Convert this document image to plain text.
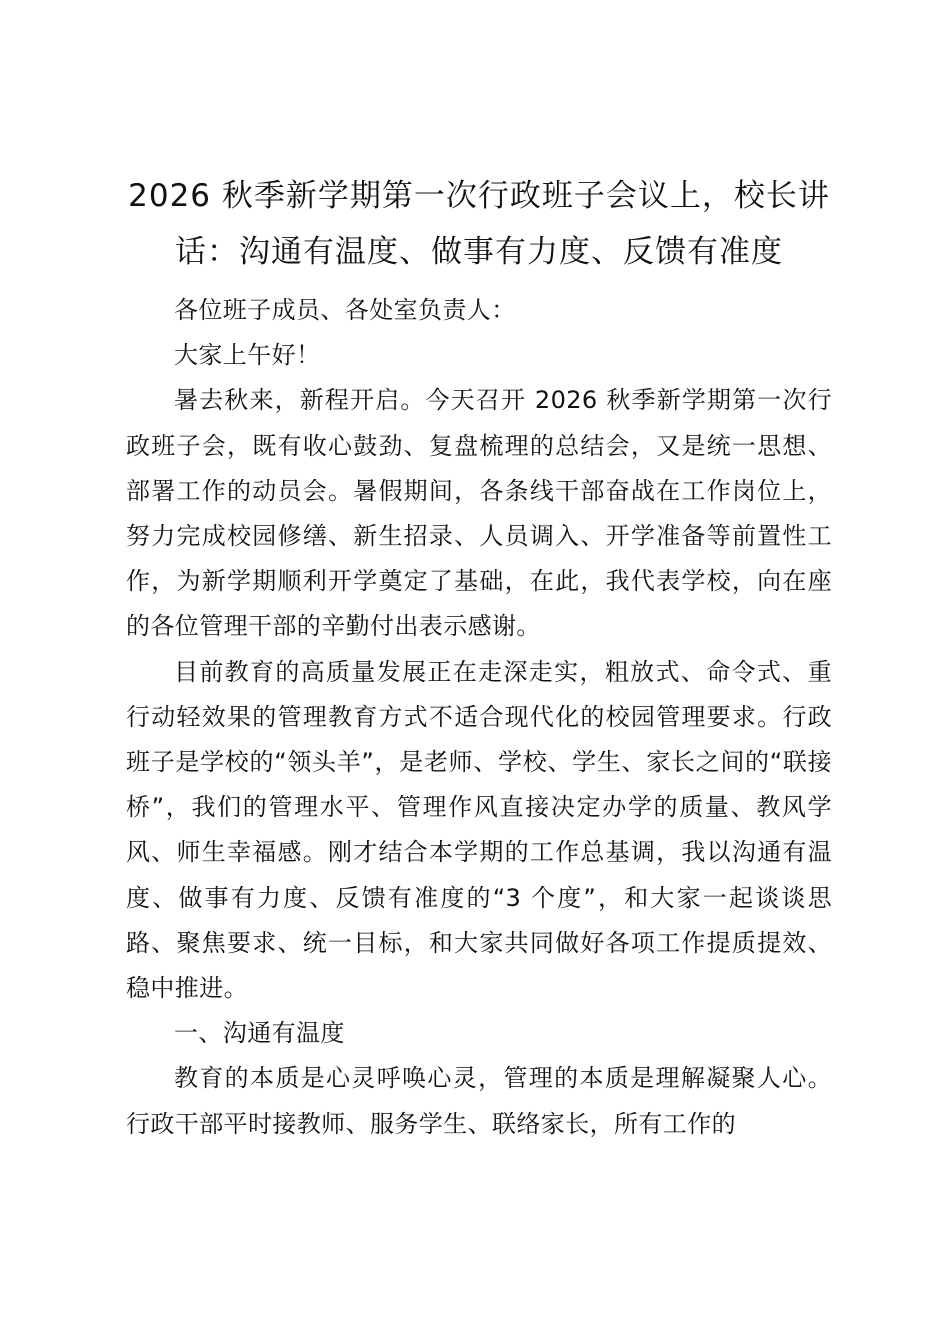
2026 秋季新学期第一次行政班子会议上，校长讲话：沟通有温度、做事有力度、反馈有准度

各位班子成员、各处室负责人：

大家上午好！

暑去秋来，新程开启。今天召开 2026 秋季新学期第一次行政班子会，既有收心鼓劲、复盘梳理的总结会，又是统一思想、部署工作的动员会。暑假期间，各条线干部奋战在工作岗位上，努力完成校园修缮、新生招录、人员调入、开学准备等前置性工作，为新学期顺利开学奠定了基础，在此，我代表学校，向在座的各位管理干部的辛勤付出表示感谢。

目前教育的高质量发展正在走深走实，粗放式、命令式、重行动轻效果的管理教育方式不适合现代化的校园管理要求。行政班子是学校的“领头羊”，是老师、学校、学生、家长之间的“联接桥”，我们的管理水平、管理作风直接决定办学的质量、教风学风、师生幸福感。刚才结合本学期的工作总基调，我以沟通有温度、做事有力度、反馈有准度的“3 个度”，和大家一起谈谈思路、聚焦要求、统一目标，和大家共同做好各项工作提质提效、稳中推进。

一、沟通有温度

教育的本质是心灵呼唤心灵，管理的本质是理解凝聚人心。行政干部平时接教师、服务学生、联络家长，所有工作的
